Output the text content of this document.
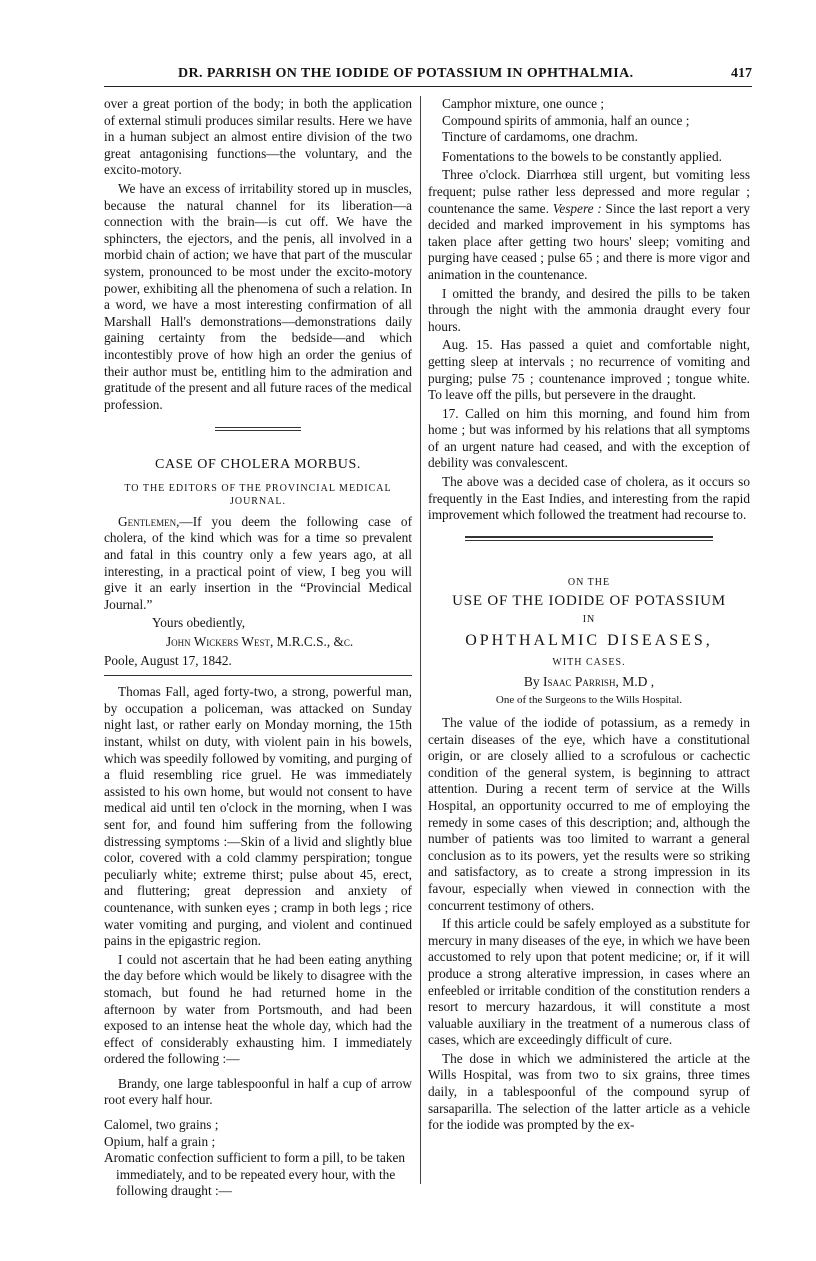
DR. PARRISH ON THE IODIDE OF POTASSIUM IN OPHTHALMIA.	417

over a great portion of the body; in both the application of external stimuli produces similar results. Here we have in a human subject an almost entire division of the two great antagonising functions—the voluntary, and the excito-motory.

We have an excess of irritability stored up in muscles, because the natural channel for its liberation—a connection with the brain—is cut off. We have the sphincters, the ejectors, and the penis, all involved in a morbid chain of action; we have that part of the muscular system, pronounced to be most under the excito-motory power, exhibiting all the phenomena of such a relation. In a word, we have a most interesting confirmation of all Marshall Hall's demonstrations—demonstrations daily gaining certainty from the bedside—and which incontestibly prove of how high an order the genius of their author must be, entitling him to the admiration and gratitude of the present and all future races of the medical profession.

CASE OF CHOLERA MORBUS.
TO THE EDITORS OF THE PROVINCIAL MEDICAL JOURNAL.

Gentlemen,—If you deem the following case of cholera, of the kind which was for a time so prevalent and fatal in this country only a few years ago, at all interesting, in a practical point of view, I beg you will give it an early insertion in the “Provincial Medical Journal.”

Yours obediently,

John Wickers West, M.R.C.S., &c.

Poole, August 17, 1842.

Thomas Fall, aged forty-two, a strong, powerful man, by occupation a policeman, was attacked on Sunday night last, or rather early on Monday morning, the 15th instant, whilst on duty, with violent pain in his bowels, which was speedily followed by vomiting, and purging of a fluid resembling rice gruel. He was immediately assisted to his own home, but would not consent to have medical aid until ten o'clock in the morning, when I was sent for, and found him suffering from the following distressing symptoms :—Skin of a livid and slightly blue color, covered with a cold clammy perspiration; tongue peculiarly white; extreme thirst; pulse about 45, erect, and fluttering; great depression and anxiety of countenance, with sunken eyes ; cramp in both legs ; rice water vomiting and purging, and violent and continued pains in the epigastric region.

I could not ascertain that he had been eating anything the day before which would be likely to disagree with the stomach, but found he had returned home in the afternoon by water from Portsmouth, and had been exposed to an intense heat the whole day, which had the effect of considerably exhausting him. I immediately ordered the following :—

Brandy, one large tablespoonful in half a cup of arrow root every half hour.

Calomel, two grains ;

Opium, half a grain ;

Aromatic confection sufficient to form a pill, to be taken immediately, and to be repeated every hour, with the following draught :—

Camphor mixture, one ounce ;

Compound spirits of ammonia, half an ounce ;

Tincture of cardamoms, one drachm.

Fomentations to the bowels to be constantly applied.

Three o'clock. Diarrhœa still urgent, but vomiting less frequent; pulse rather less depressed and more regular ; countenance the same. Vespere : Since the last report a very decided and marked improvement in his symptoms has taken place after getting two hours' sleep; vomiting and purging have ceased ; pulse 65 ; and there is more vigor and animation in the countenance.

I omitted the brandy, and desired the pills to be taken through the night with the ammonia draught every four hours.

Aug. 15. Has passed a quiet and comfortable night, getting sleep at intervals ; no recurrence of vomiting and purging; pulse 75 ; countenance improved ; tongue white. To leave off the pills, but persevere in the draught.

17. Called on him this morning, and found him from home ; but was informed by his relations that all symptoms of an urgent nature had ceased, and with the exception of debility was convalescent.

The above was a decided case of cholera, as it occurs so frequently in the East Indies, and interesting from the rapid improvement which followed the treatment had recourse to.

ON THE
USE OF THE IODIDE OF POTASSIUM
IN
OPHTHALMIC DISEASES,
WITH CASES.
By Isaac Parrish, M.D ,
One of the Surgeons to the Wills Hospital.

The value of the iodide of potassium, as a remedy in certain diseases of the eye, which have a constitutional origin, or are closely allied to a scrofulous or cachectic condition of the general system, is beginning to attract attention. During a recent term of service at the Wills Hospital, an opportunity occurred to me of employing the remedy in some cases of this description; and, although the number of patients was too limited to warrant a general conclusion as to its powers, yet the results were so striking and satisfactory, as to create a strong impression in its favour, especially when viewed in connection with the concurrent testimony of others.

If this article could be safely employed as a substitute for mercury in many diseases of the eye, in which we have been accustomed to rely upon that potent medicine; or, if it will produce a strong alterative impression, in cases where an enfeebled or irritable condition of the constitution renders a resort to mercury hazardous, it will constitute a most valuable auxiliary in the treatment of a numerous class of cases, which are exceedingly difficult of cure.

The dose in which we administered the article at the Wills Hospital, was from two to six grains, three times daily, in a tablespoonful of the compound syrup of sarsaparilla. The selection of the latter article as a vehicle for the iodide was prompted by the ex-
